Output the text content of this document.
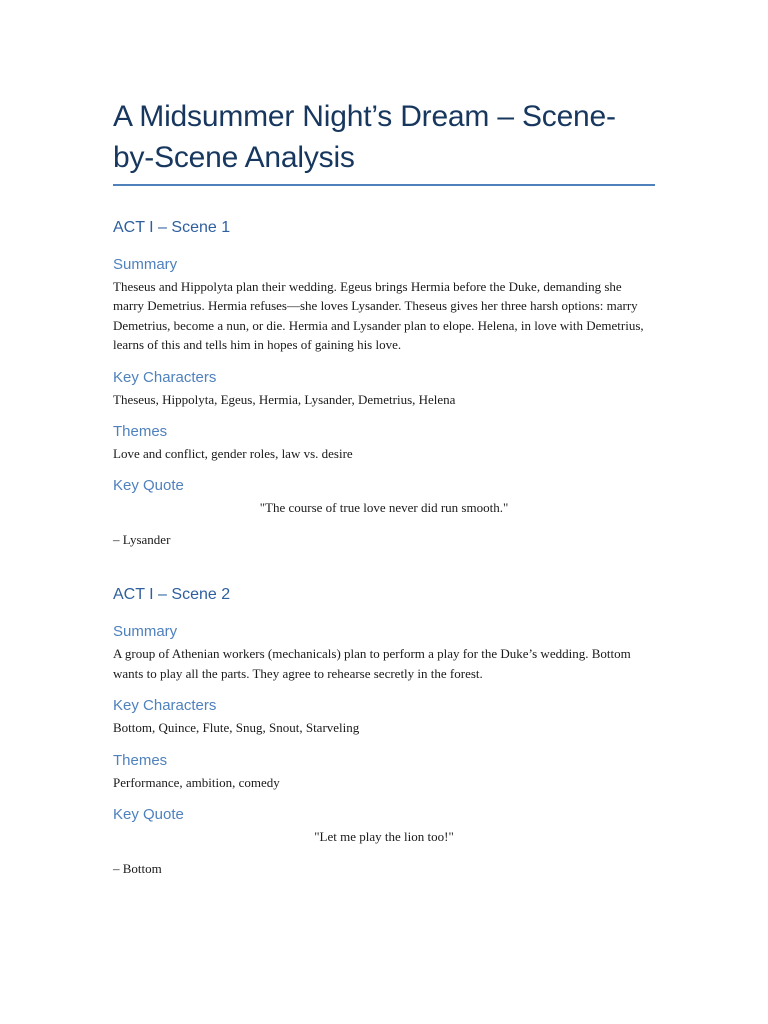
A Midsummer Night’s Dream – Scene-
by-Scene Analysis
ACT I – Scene 1
Summary

Theseus and Hippolyta plan their wedding. Egeus brings Hermia before the Duke, demanding she marry Demetrius. Hermia refuses—she loves Lysander. Theseus gives her three harsh options: marry Demetrius, become a nun, or die. Hermia and Lysander plan to elope. Helena, in love with Demetrius, learns of this and tells him in hopes of gaining his love.

Key Characters

Theseus, Hippolyta, Egeus, Hermia, Lysander, Demetrius, Helena

Themes

Love and conflict, gender roles, law vs. desire

Key Quote

"The course of true love never did run smooth."

– Lysander

ACT I – Scene 2
Summary

A group of Athenian workers (mechanicals) plan to perform a play for the Duke’s wedding. Bottom wants to play all the parts. They agree to rehearse secretly in the forest.

Key Characters

Bottom, Quince, Flute, Snug, Snout, Starveling

Themes

Performance, ambition, comedy

Key Quote

"Let me play the lion too!"

– Bottom
